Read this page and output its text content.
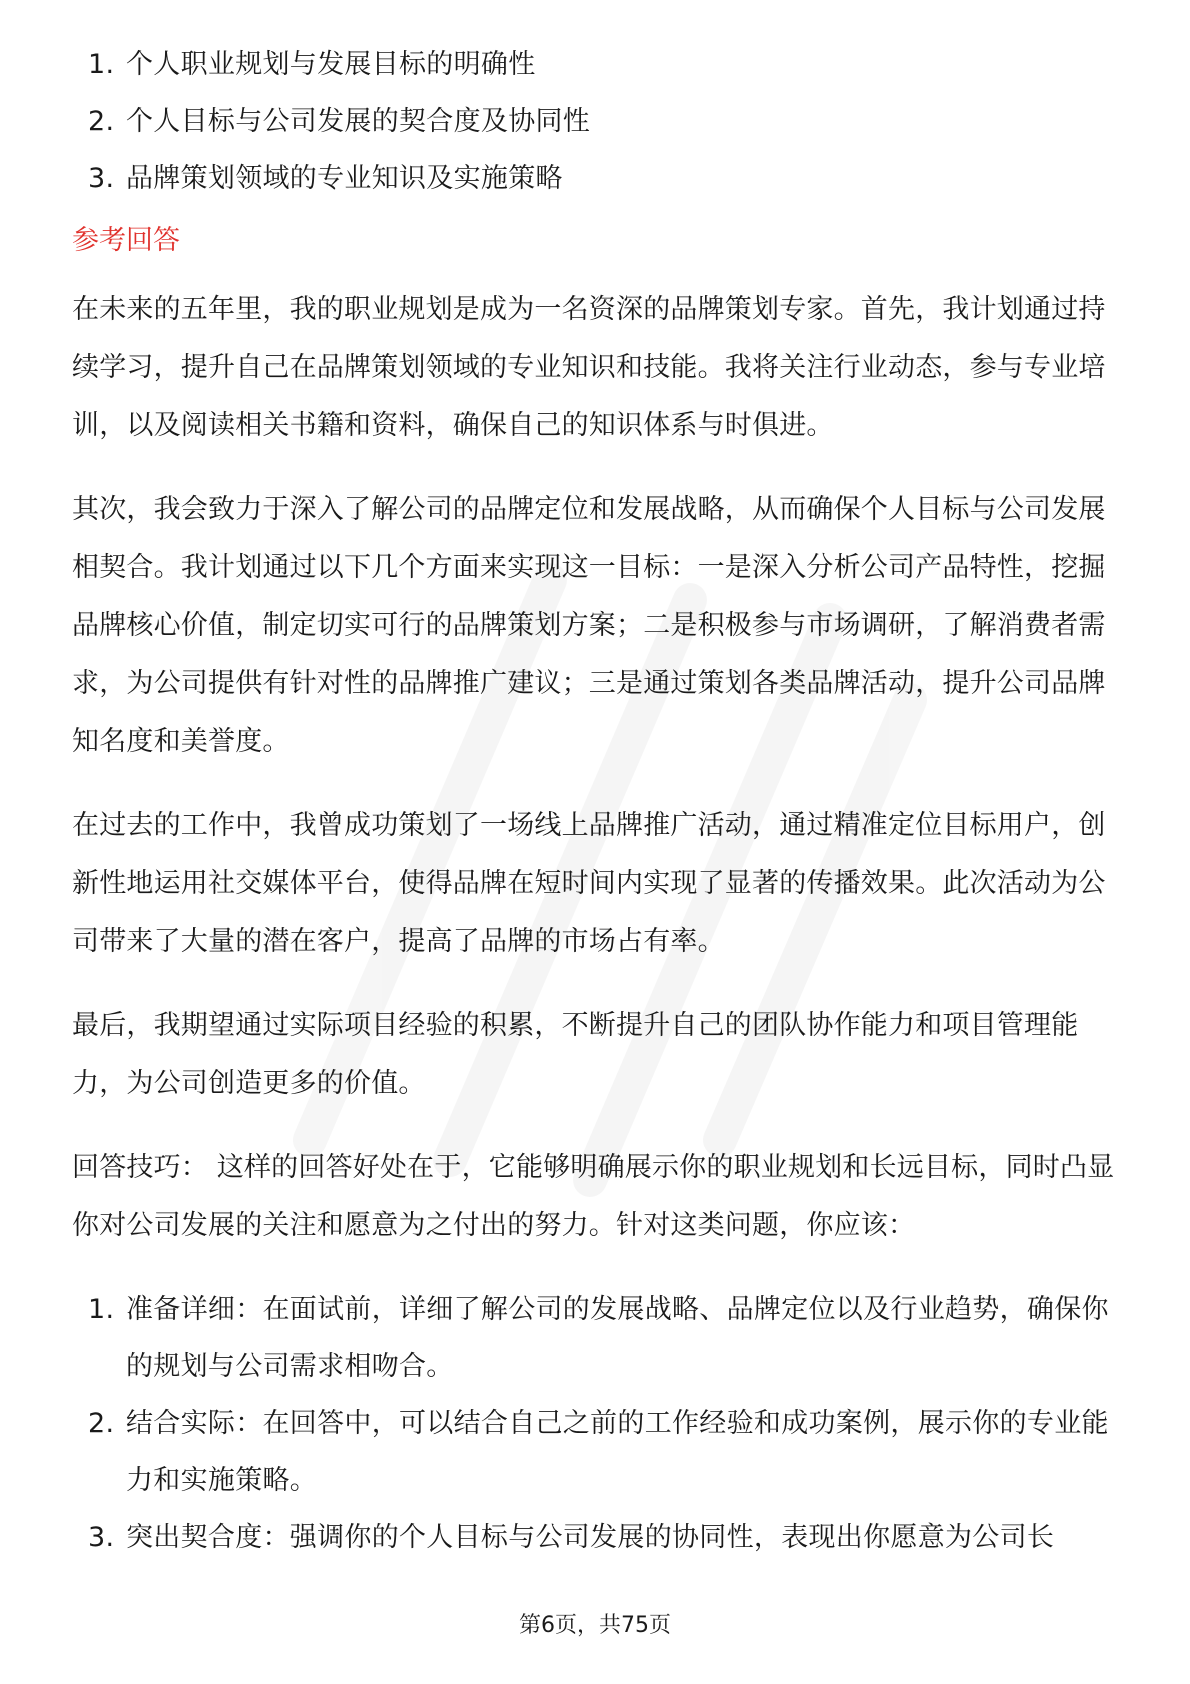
1. 个人职业规划与发展目标的明确性
2. 个人目标与公司发展的契合度及协同性
3. 品牌策划领域的专业知识及实施策略
参考回答

在未来的五年里，我的职业规划是成为一名资深的品牌策划专家。首先，我计划通过持续学习，提升自己在品牌策划领域的专业知识和技能。我将关注行业动态，参与专业培训，以及阅读相关书籍和资料，确保自己的知识体系与时俱进。

其次，我会致力于深入了解公司的品牌定位和发展战略，从而确保个人目标与公司发展相契合。我计划通过以下几个方面来实现这一目标：一是深入分析公司产品特性，挖掘品牌核心价值，制定切实可行的品牌策划方案；二是积极参与市场调研，了解消费者需求，为公司提供有针对性的品牌推广建议；三是通过策划各类品牌活动，提升公司品牌知名度和美誉度。

在过去的工作中，我曾成功策划了一场线上品牌推广活动，通过精准定位目标用户，创新性地运用社交媒体平台，使得品牌在短时间内实现了显著的传播效果。此次活动为公司带来了大量的潜在客户，提高了品牌的市场占有率。

最后，我期望通过实际项目经验的积累，不断提升自己的团队协作能力和项目管理能力，为公司创造更多的价值。

回答技巧： 这样的回答好处在于，它能够明确展示你的职业规划和长远目标，同时凸显你对公司发展的关注和愿意为之付出的努力。针对这类问题，你应该：

1. 准备详细：在面试前，详细了解公司的发展战略、品牌定位以及行业趋势，确保你的规划与公司需求相吻合。
2. 结合实际：在回答中，可以结合自己之前的工作经验和成功案例，展示你的专业能力和实施策略。
3. 突出契合度：强调你的个人目标与公司发展的协同性，表现出你愿意为公司长
第6页，共75页
